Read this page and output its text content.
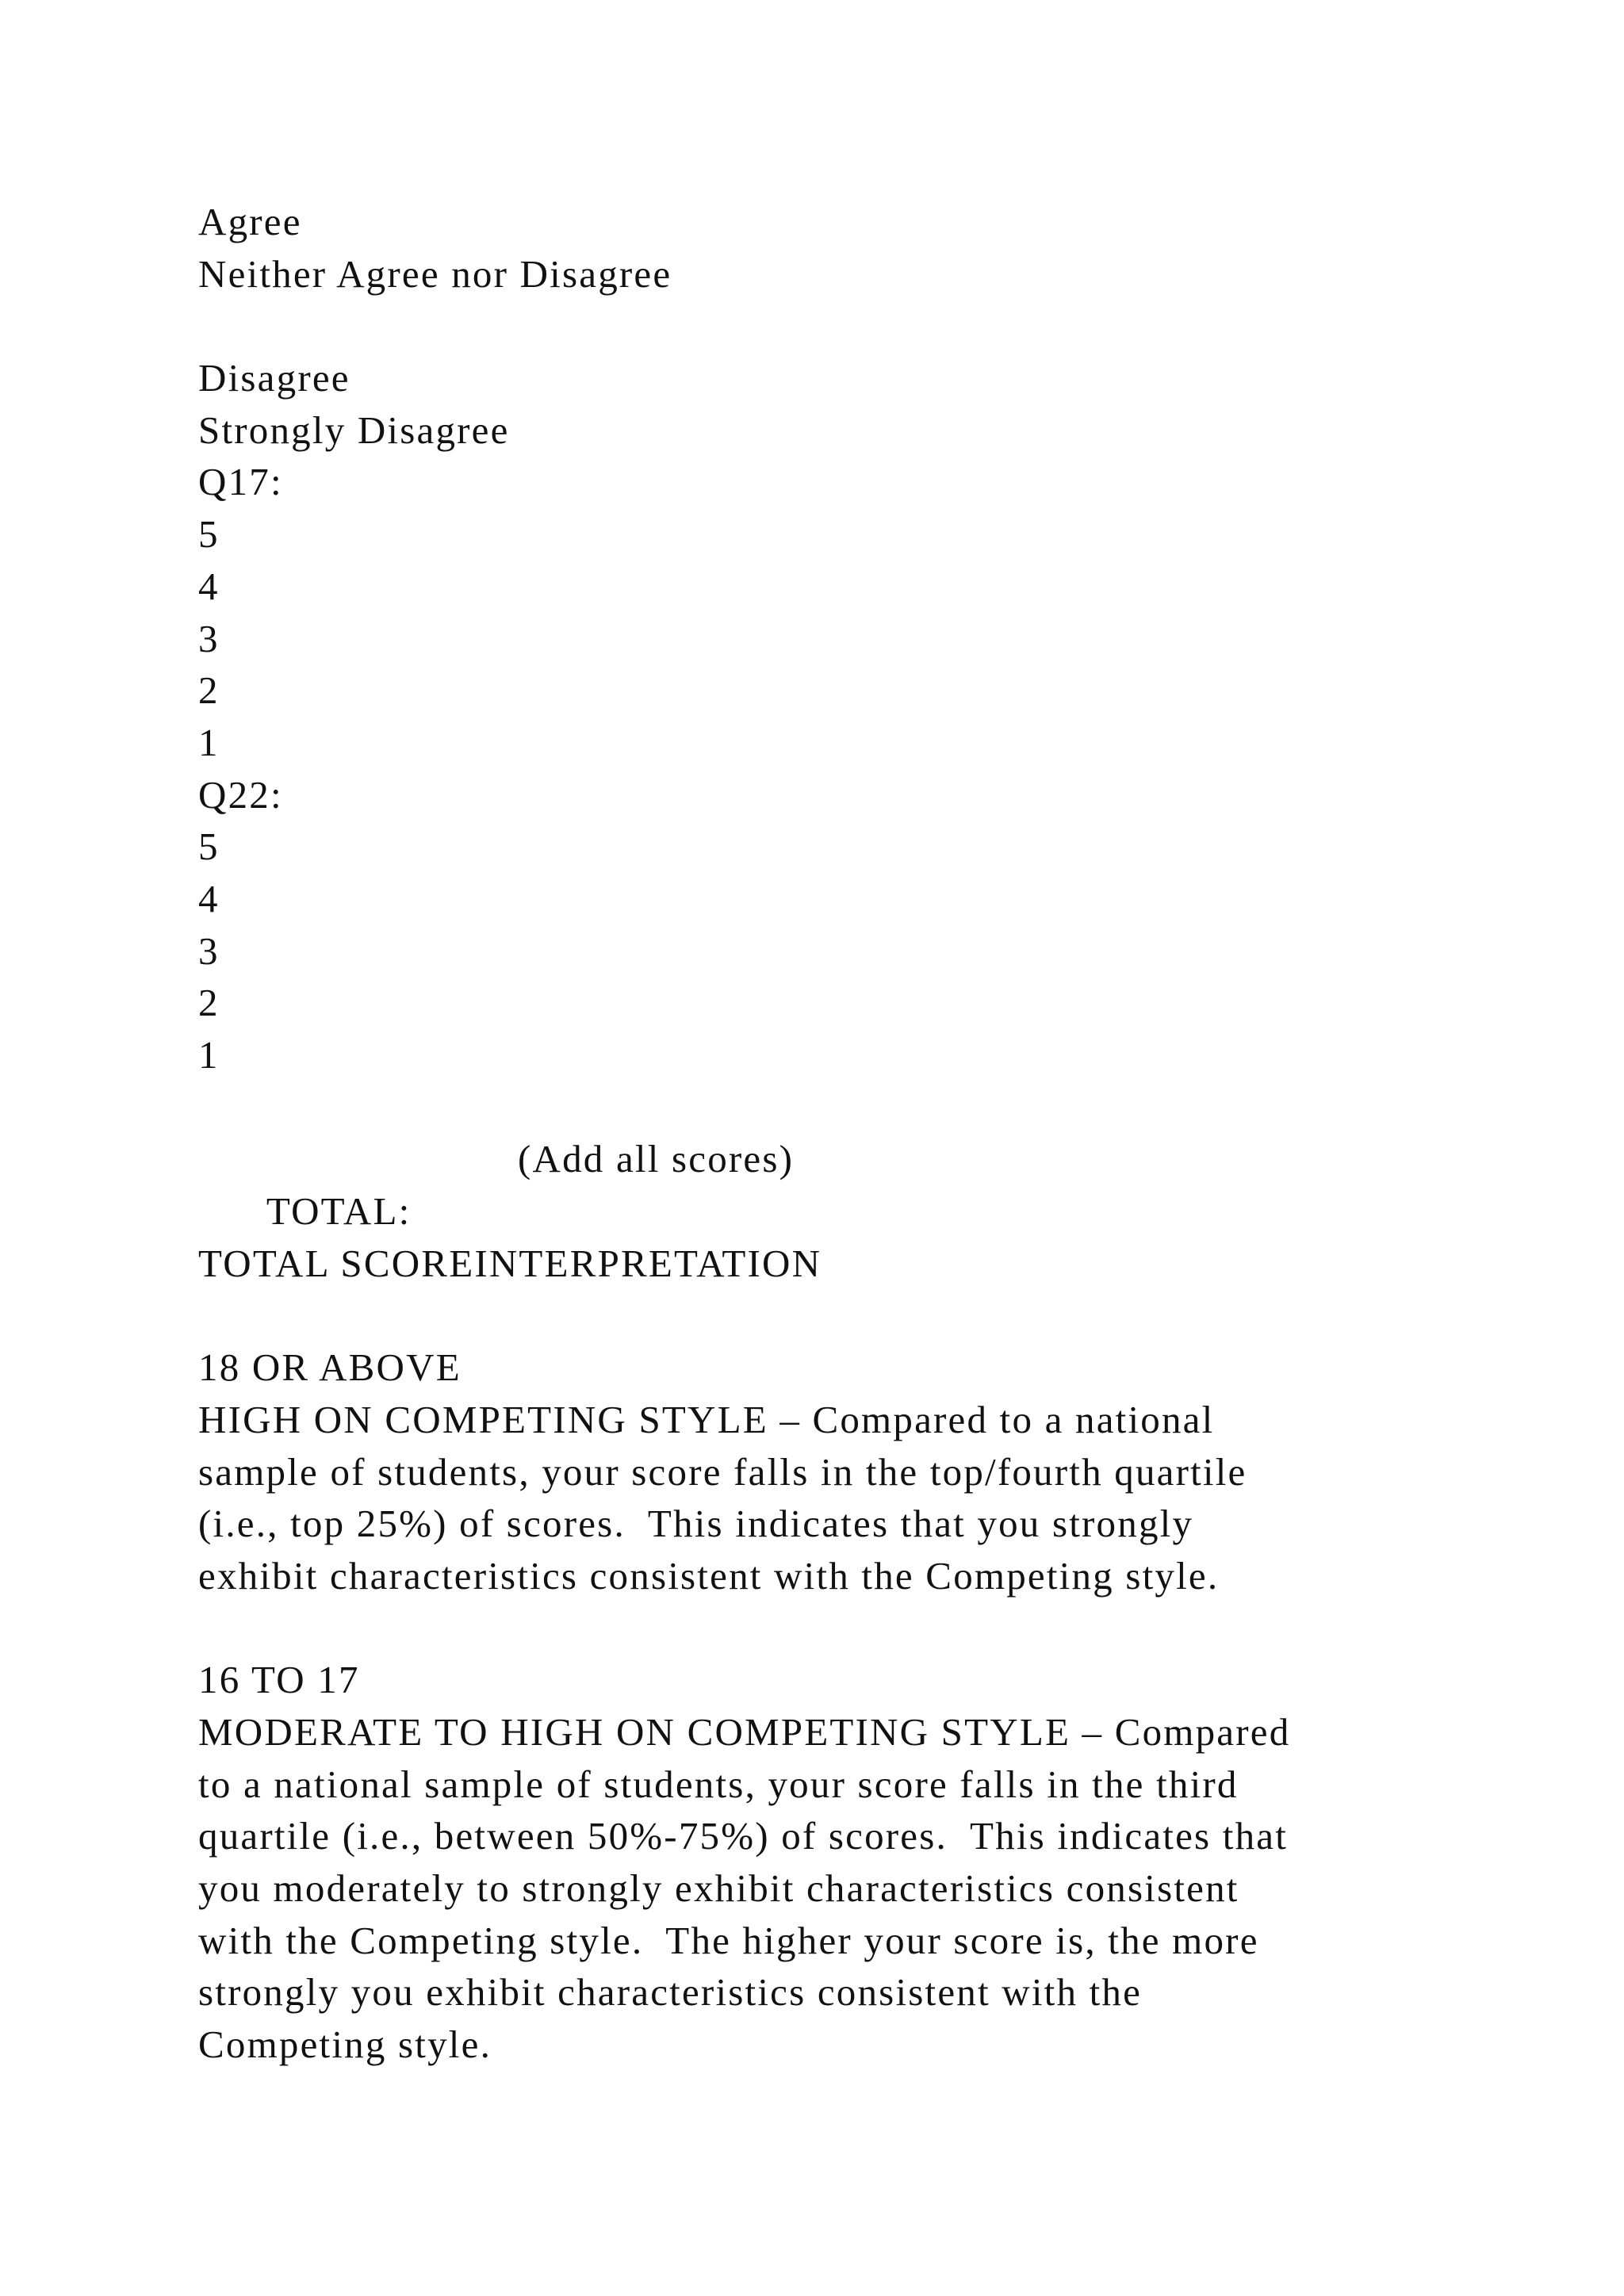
Agree
Neither Agree nor Disagree
Disagree
Strongly Disagree
Q17:
5
4
3
2
1
Q22:
5
4
3
2
1

TOTAL:

(Add all scores)

TOTAL SCOREINTERPRETATION
18 OR ABOVE
HIGH ON COMPETING STYLE – Compared to a national
sample of students, your score falls in the top/fourth quartile
(i.e., top 25%) of scores.  This indicates that you strongly
exhibit characteristics consistent with the Competing style.
16 TO 17
MODERATE TO HIGH ON COMPETING STYLE – Compared
to a national sample of students, your score falls in the third
quartile (i.e., between 50%-75%) of scores.  This indicates that
you moderately to strongly exhibit characteristics consistent
with the Competing style.  The higher your score is, the more
strongly you exhibit characteristics consistent with the
Competing style.
